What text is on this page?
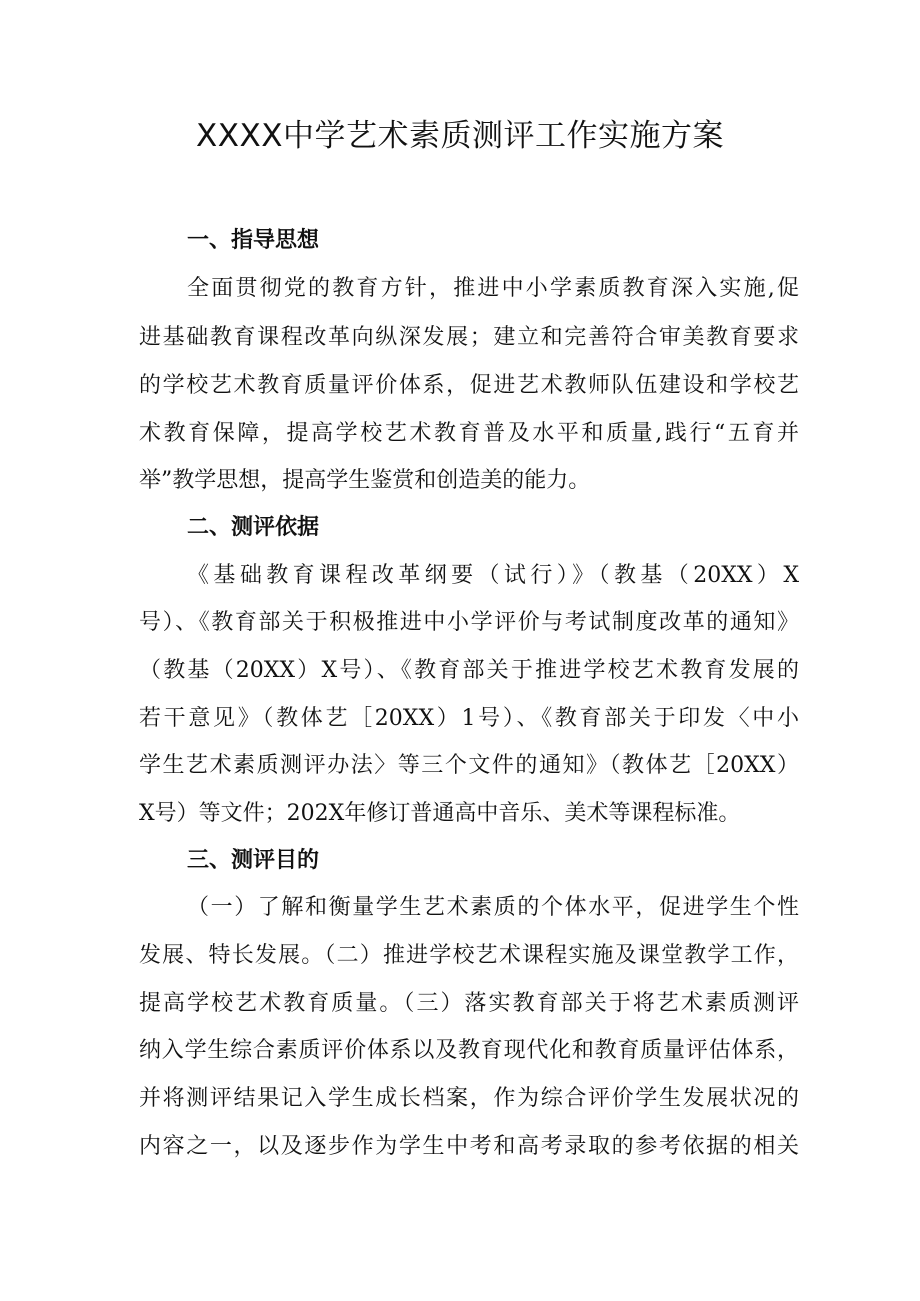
XXXX中学艺术素质测评工作实施方案
一、指导思想
全面贯彻党的教育方针，推进中小学素质教育深入实施,促
进基础教育课程改革向纵深发展；建立和完善符合审美教育要求
的学校艺术教育质量评价体系，促进艺术教师队伍建设和学校艺
术教育保障，提高学校艺术教育普及水平和质量,践行“五育并
举”教学思想，提高学生鉴赏和创造美的能力。
二、测评依据
《基础教育课程改革纲要（试行）》（教基（20XX）X
号）、《教育部关于积极推进中小学评价与考试制度改革的通知》
（教基（20XX）X号）、《教育部关于推进学校艺术教育发展的
若干意见》（教体艺［20XX）1号）、《教育部关于印发〈中小
学生艺术素质测评办法〉等三个文件的通知》（教体艺［20XX）
X号）等文件；202X年修订普通高中音乐、美术等课程标准。
三、测评目的
（一）了解和衡量学生艺术素质的个体水平，促进学生个性
发展、特长发展。（二）推进学校艺术课程实施及课堂教学工作，
提高学校艺术教育质量。（三）落实教育部关于将艺术素质测评
纳入学生综合素质评价体系以及教育现代化和教育质量评估体系，
并将测评结果记入学生成长档案，作为综合评价学生发展状况的
内容之一，以及逐步作为学生中考和高考录取的参考依据的相关
